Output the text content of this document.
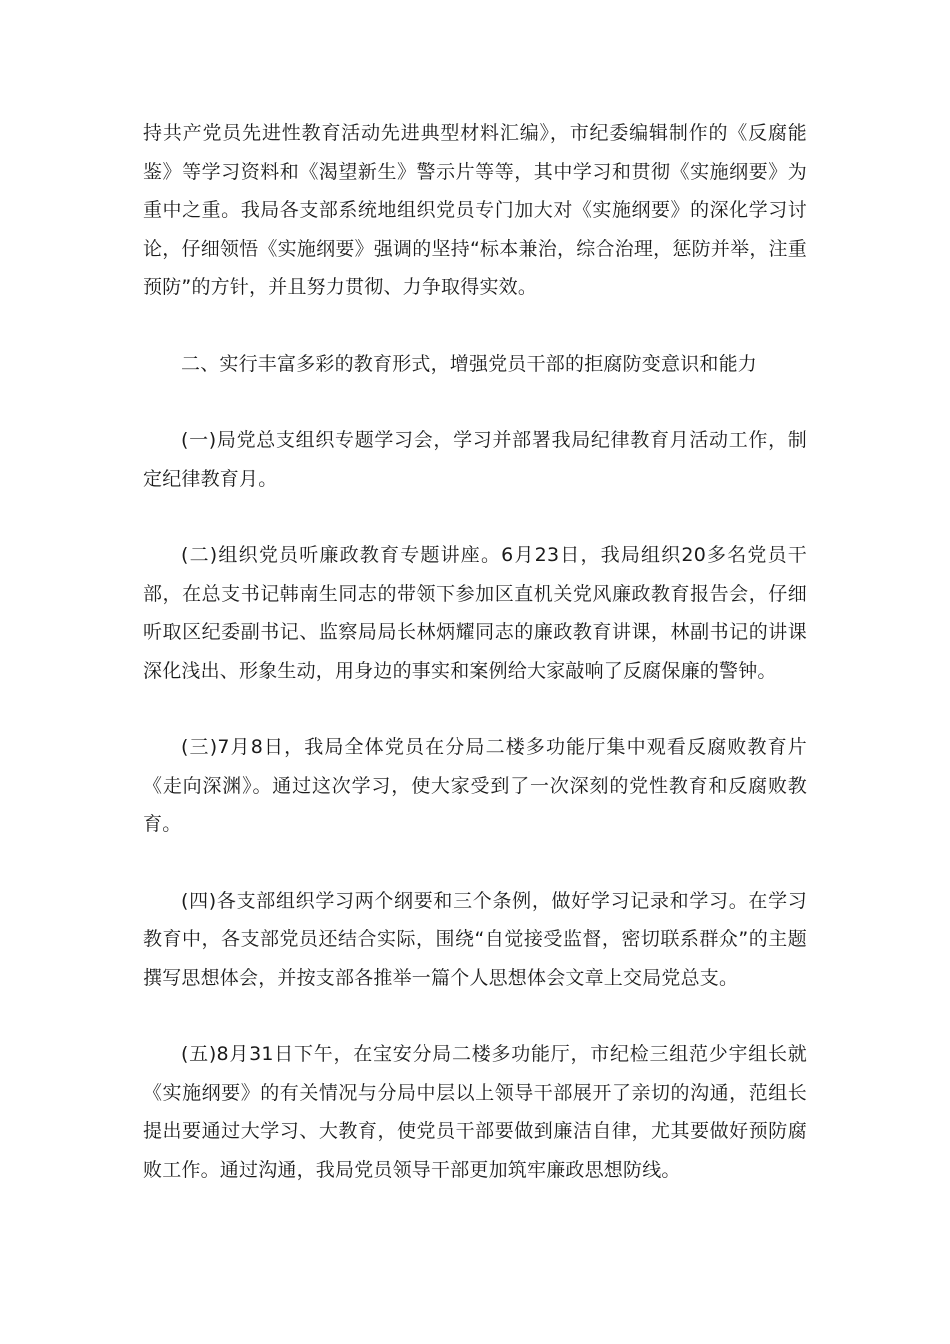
持共产党员先进性教育活动先进典型材料汇编》，市纪委编辑制作的《反腐能鉴》等学习资料和《渴望新生》警示片等等，其中学习和贯彻《实施纲要》为重中之重。我局各支部系统地组织党员专门加大对《实施纲要》的深化学习讨论，仔细领悟《实施纲要》强调的坚持“标本兼治，综合治理，惩防并举，注重预防”的方针，并且努力贯彻、力争取得实效。

二、实行丰富多彩的教育形式，增强党员干部的拒腐防变意识和能力

(一)局党总支组织专题学习会，学习并部署我局纪律教育月活动工作，制定纪律教育月。

(二)组织党员听廉政教育专题讲座。6月23日，我局组织20多名党员干部，在总支书记韩南生同志的带领下参加区直机关党风廉政教育报告会，仔细听取区纪委副书记、监察局局长林炳耀同志的廉政教育讲课，林副书记的讲课深化浅出、形象生动，用身边的事实和案例给大家敲响了反腐保廉的警钟。

(三)7月8日，我局全体党员在分局二楼多功能厅集中观看反腐败教育片《走向深渊》。通过这次学习，使大家受到了一次深刻的党性教育和反腐败教育。

(四)各支部组织学习两个纲要和三个条例，做好学习记录和学习。在学习教育中，各支部党员还结合实际，围绕“自觉接受监督，密切联系群众”的主题撰写思想体会，并按支部各推举一篇个人思想体会文章上交局党总支。

(五)8月31日下午，在宝安分局二楼多功能厅，市纪检三组范少宇组长就《实施纲要》的有关情况与分局中层以上领导干部展开了亲切的沟通，范组长提出要通过大学习、大教育，使党员干部要做到廉洁自律，尤其要做好预防腐败工作。通过沟通，我局党员领导干部更加筑牢廉政思想防线。
